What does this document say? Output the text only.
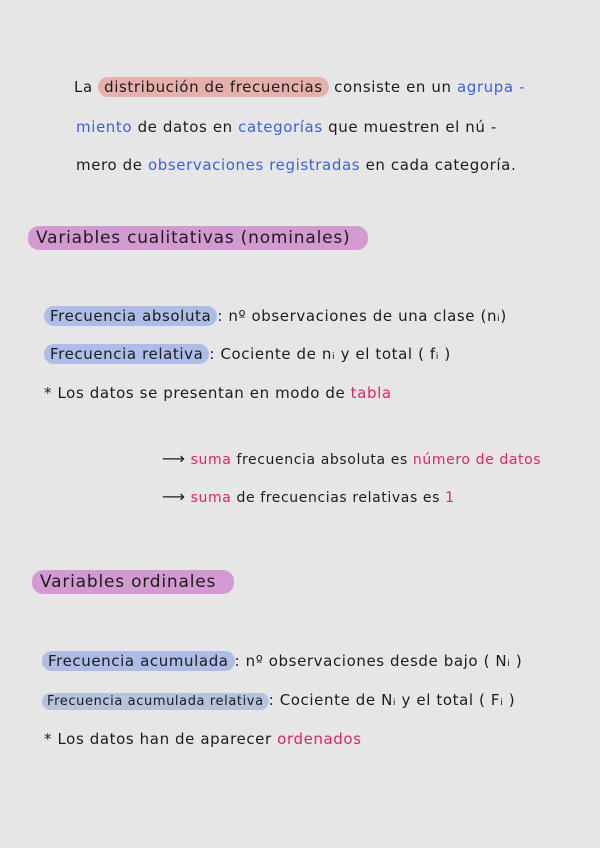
La distribución de frecuencias consiste en un agrupa -
miento de datos en categorías que muestren el nú -
mero de observaciones registradas en cada categoría.
Variables cualitativas (nominales)
Frecuencia absoluta : nº observaciones de una clase (nᵢ)
Frecuencia relativa : Cociente de nᵢ y el total ( fᵢ )
* Los datos se presentan en modo de tabla
⟶ suma frecuencia absoluta es número de datos
⟶ suma de frecuencias relativas es 1
Variables ordinales
Frecuencia acumulada : nº observaciones desde bajo ( Nᵢ )
Frecuencia acumulada relativa : Cociente de Nᵢ y el total ( Fᵢ )
* Los datos han de aparecer ordenados
